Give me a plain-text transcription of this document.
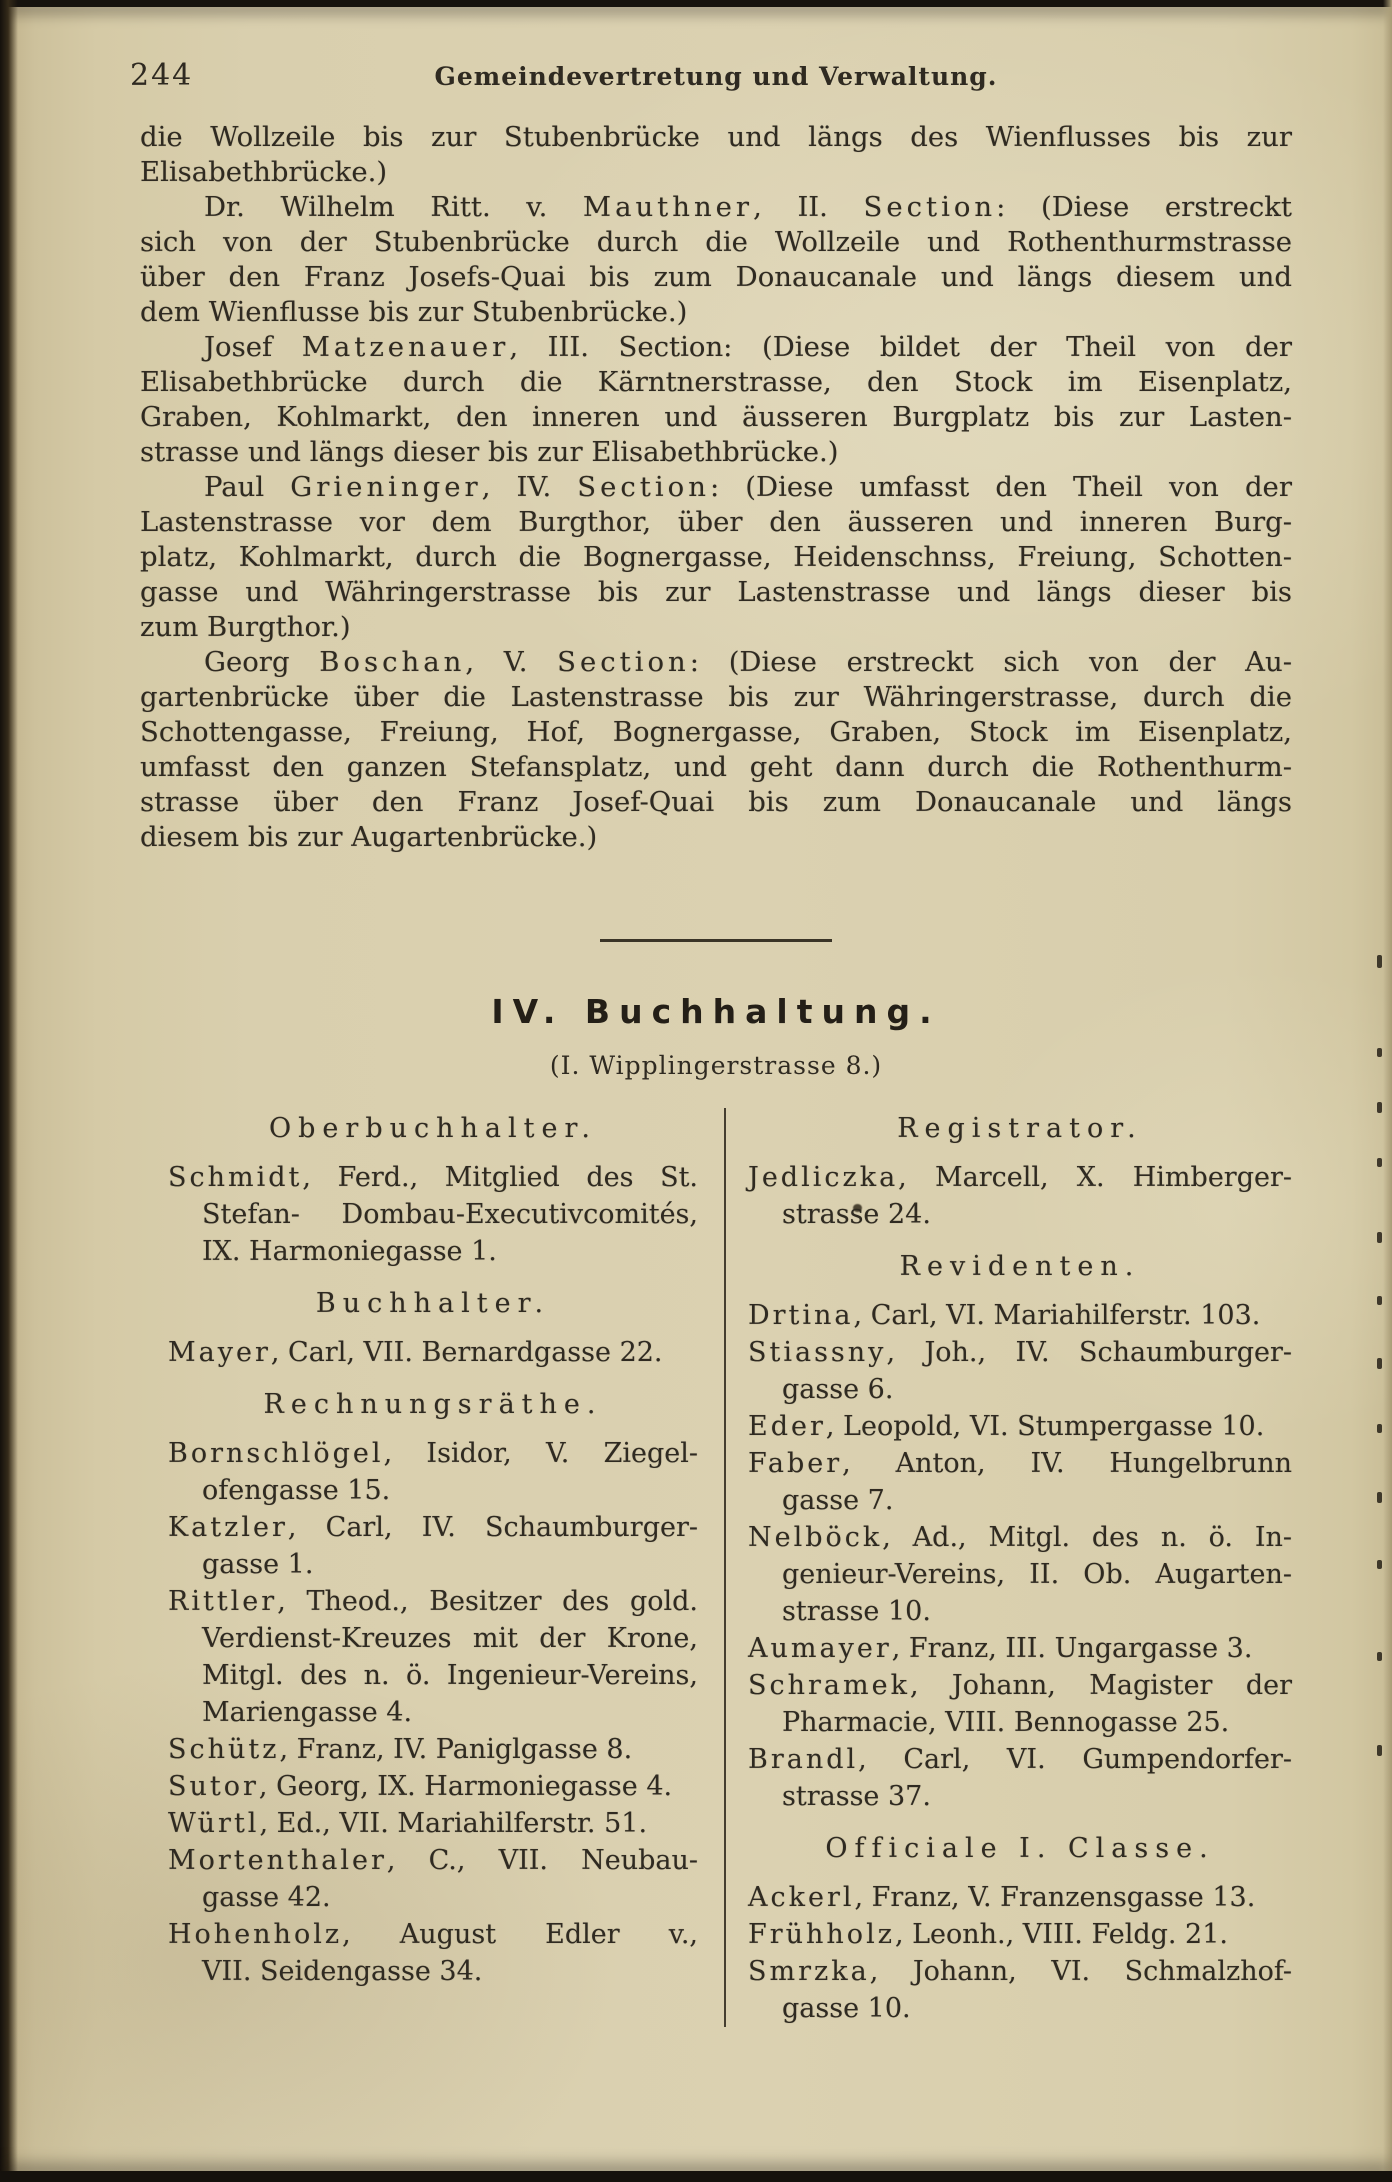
244	Gemeindevertretung und Verwaltung.
die Wollzeile bis zur Stubenbrücke und längs des Wienflusses bis zur
Elisabethbrücke.)
Dr. Wilhelm Ritt. v. Mauthner, II. Section: (Diese erstreckt
sich von der Stubenbrücke durch die Wollzeile und Rothenthurmstrasse
über den Franz Josefs-Quai bis zum Donaucanale und längs diesem und
dem Wienflusse bis zur Stubenbrücke.)
Josef Matzenauer, III. Section: (Diese bildet der Theil von der
Elisabethbrücke durch die Kärntnerstrasse, den Stock im Eisenplatz,
Graben, Kohlmarkt, den inneren und äusseren Burgplatz bis zur Lasten-
strasse und längs dieser bis zur Elisabethbrücke.)
Paul Grieninger, IV. Section: (Diese umfasst den Theil von der
Lastenstrasse vor dem Burgthor, über den äusseren und inneren Burg-
platz, Kohlmarkt, durch die Bognergasse, Heidenschnss, Freiung, Schotten-
gasse und Währingerstrasse bis zur Lastenstrasse und längs dieser bis
zum Burgthor.)
Georg Boschan, V. Section: (Diese erstreckt sich von der Au-
gartenbrücke über die Lastenstrasse bis zur Währingerstrasse, durch die
Schottengasse, Freiung, Hof, Bognergasse, Graben, Stock im Eisenplatz,
umfasst den ganzen Stefansplatz, und geht dann durch die Rothenthurm-
strasse über den Franz Josef-Quai bis zum Donaucanale und längs
diesem bis zur Augartenbrücke.)
IV. Buchhaltung.
(I. Wipplingerstrasse 8.)
Oberbuchhalter.
Schmidt, Ferd., Mitglied des St.
Stefan- Dombau-Executivcomités,
IX. Harmoniegasse 1.
Buchhalter.
Mayer, Carl, VII. Bernardgasse 22.
Rechnungsräthe.
Bornschlögel, Isidor, V. Ziegel-
ofengasse 15.
Katzler, Carl, IV. Schaumburger-
gasse 1.
Rittler, Theod., Besitzer des gold.
Verdienst-Kreuzes mit der Krone,
Mitgl. des n. ö. Ingenieur-Vereins,
Mariengasse 4.
Schütz, Franz, IV. Paniglgasse 8.
Sutor, Georg, IX. Harmoniegasse 4.
Würtl, Ed., VII. Mariahilferstr. 51.
Mortenthaler, C., VII. Neubau-
gasse 42.
Hohenholz, August Edler v.,
VII. Seidengasse 34.
Registrator.
Jedliczka, Marcell, X. Himberger-
strasse 24.
Revidenten.
Drtina, Carl, VI. Mariahilferstr. 103.
Stiassny, Joh., IV. Schaumburger-
gasse 6.
Eder, Leopold, VI. Stumpergasse 10.
Faber, Anton, IV. Hungelbrunn
gasse 7.
Nelböck, Ad., Mitgl. des n. ö. In-
genieur-Vereins, II. Ob. Augarten-
strasse 10.
Aumayer, Franz, III. Ungargasse 3.
Schramek, Johann, Magister der
Pharmacie, VIII. Bennogasse 25.
Brandl, Carl, VI. Gumpendorfer-
strasse 37.
Officiale I. Classe.
Ackerl, Franz, V. Franzensgasse 13.
Frühholz, Leonh., VIII. Feldg. 21.
Smrzka, Johann, VI. Schmalzhof-
gasse 10.
